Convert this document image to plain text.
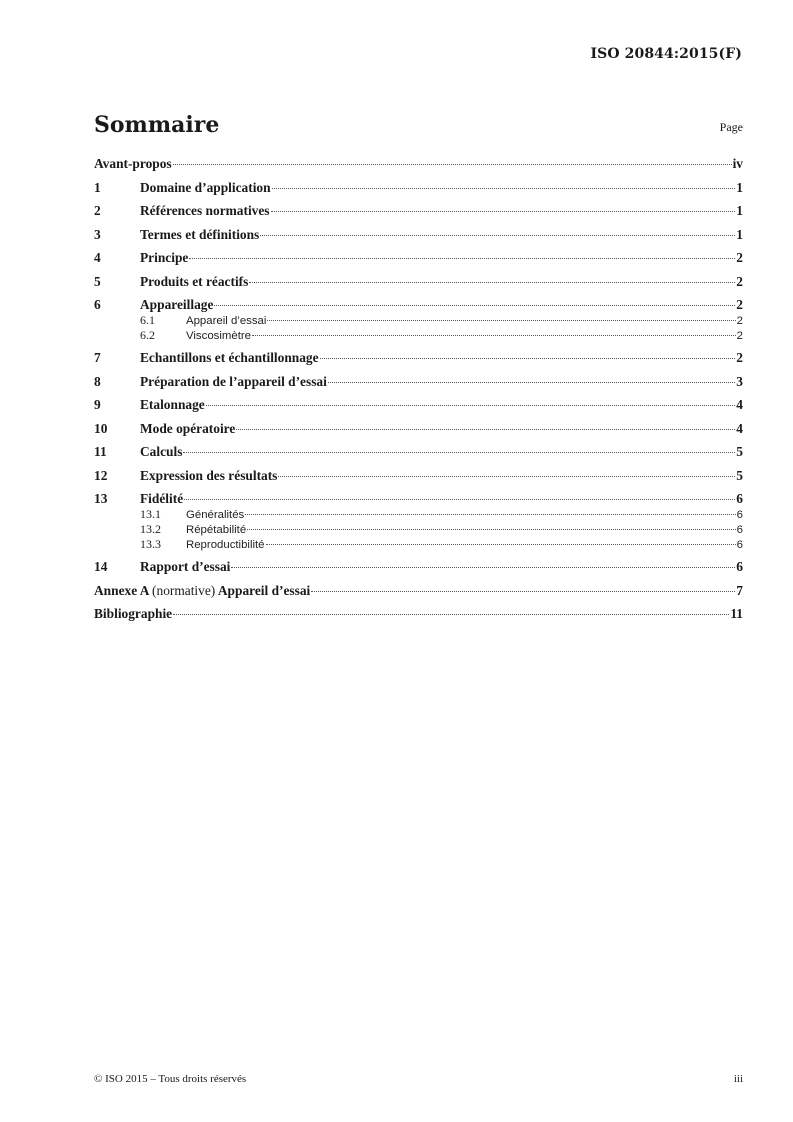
ISO 20844:2015(F)
Sommaire	Page
Avant-propos	iv
1	Domaine d’application	1
2	Références normatives	1
3	Termes et définitions	1
4	Principe	2
5	Produits et réactifs	2
6	Appareillage	2
6.1	Appareil d’essai	2
6.2	Viscosimètre	2
7	Echantillons et échantillonnage	2
8	Préparation de l’appareil d’essai	3
9	Etalonnage	4
10	Mode opératoire	4
11	Calculs	5
12	Expression des résultats	5
13	Fidélité	6
13.1	Généralités	6
13.2	Répétabilité	6
13.3	Reproductibilité	6
14	Rapport d’essai	6
Annexe A (normative) Appareil d’essai	7
Bibliographie	11
© ISO 2015 – Tous droits réservés	iii
